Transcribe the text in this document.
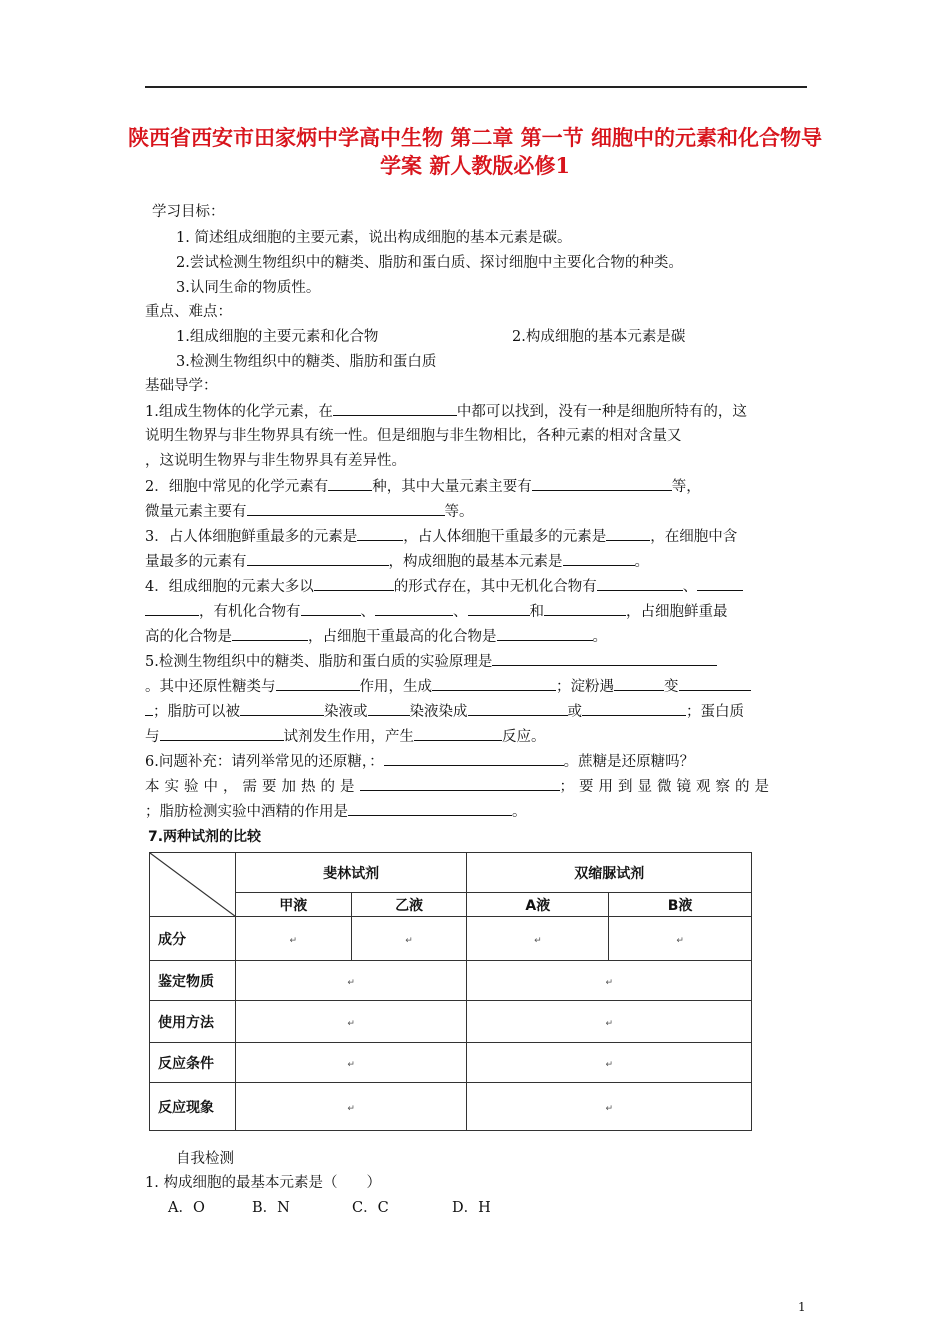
陕西省西安市田家炳中学高中生物 第二章 第一节 细胞中的元素和化合物导学案 新人教版必修1
学习目标：
1. 简述组成细胞的主要元素，说出构成细胞的基本元素是碳。
2.尝试检测生物组织中的糖类、脂肪和蛋白质、探讨细胞中主要化合物的种类。
3.认同生命的物质性。
重点、难点：
1.组成细胞的主要元素和化合物	2.构成细胞的基本元素是碳
3.检测生物组织中的糖类、脂肪和蛋白质
基础导学：
1.组成生物体的化学元素，在	中都可以找到，没有一种是细胞所特有的，这
说明生物界与非生物界具有统一性。但是细胞与非生物相比，各种元素的相对含量又
，这说明生物界与非生物界具有差异性。
2．细胞中常见的化学元素有	种，其中大量元素主要有	等，
微量元素主要有	等。
3．占人体细胞鲜重最多的元素是	，占人体细胞干重最多的元素是	，在细胞中含
量最多的元素有	，构成细胞的最基本元素是	。
4．组成细胞的元素大多以	的形式存在，其中无机化合物有	、
，有机化合物有	、	、	和	，占细胞鲜重最
高的化合物是	，占细胞干重最高的化合物是	。
5.检测生物组织中的糖类、脂肪和蛋白质的实验原理是
。其中还原性糖类与	作用，生成	；淀粉遇	变
；脂肪可以被	染液或	染液染成	或	；蛋白质
与	试剂发生作用，产生	反应。
6.问题补充：请列举常见的还原糖，：	。蔗糖是还原糖吗？
本实验中，需要加热的是	；要用到显微镜观察的是
；脂肪检测实验中酒精的作用是	。
7.两种试剂的比较
	斐林试剂		双缩脲试剂	
	甲液	乙液	A液	B液
成分	↵	↵	↵	↵
鉴定物质	↵		↵	
使用方法	↵		↵	
反应条件	↵		↵	
反应现象	↵		↵	
自我检测
1. 构成细胞的最基本元素是（　　）
A．O	B．N	C．C	D．H
1
